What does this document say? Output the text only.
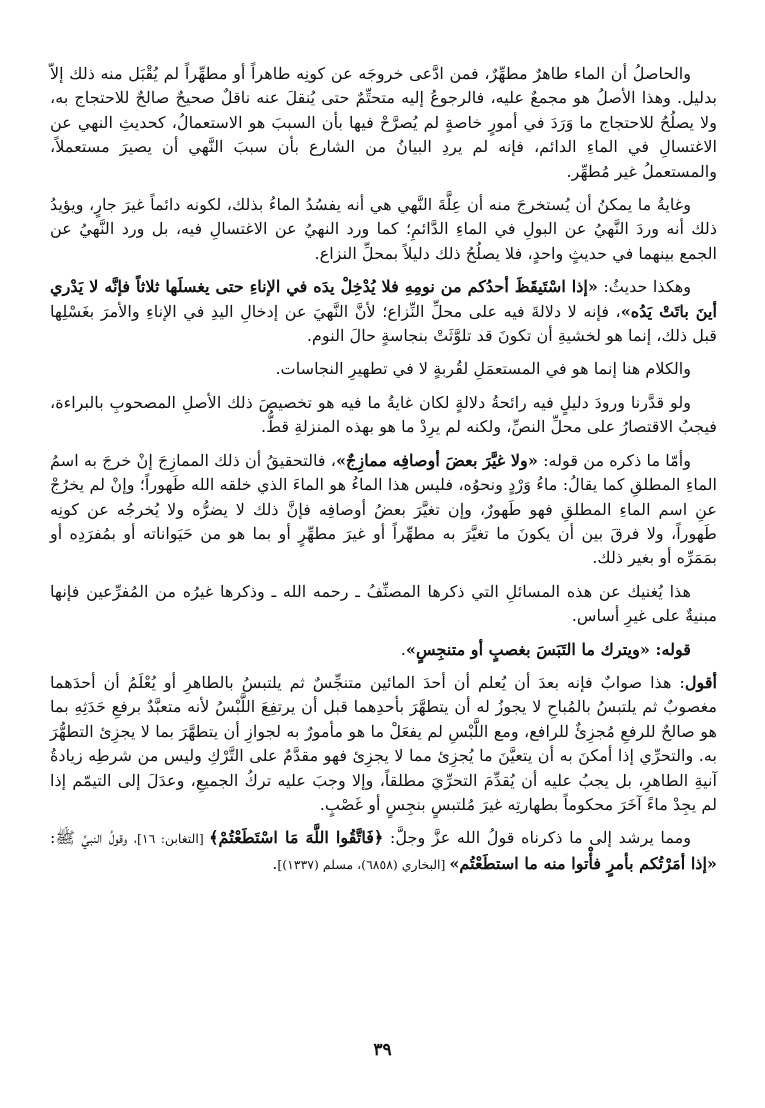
والحاصلُ أن الماء طاهرٌ مطهِّرٌ، فمن ادَّعى خروجَه عن كونِه طاهراً أو مطهِّراً لم يُقْبَل منه ذلك إلاّ بدليل. وهذا الأصلُ هو مجمعٌ عليه، فالرجوعُ إليه متحتِّمٌ حتى يُنقلَ عنه ناقلٌ صحيحٌ صالحٌ للاحتجاج به، ولا يصلُحُ للاحتجاج ما وَرَدَ في أمورٍ خاصةٍ لم يُصرَّحْ فيها بأن السببَ هو الاستعمالُ، كحديثِ النهي عن الاغتسالِ في الماءِ الدائم، فإنه لم يردِ البيانُ من الشارع بأن سببَ النَّهي أن يصيرَ مستعملاً، والمستعملُ غير مُطهِّر.

وغايةُ ما يمكنُ أن يُستخرجَ منه أن عِلَّةَ النَّهي هي أنه يفسُدُ الماءُ بذلك، لكونه دائماً غيرَ جارٍ، ويؤيدُ ذلك أنه وردَ النَّهيُ عن البولِ في الماءِ الدَّائمِ؛ كما ورد النهيُ عن الاغتسالِ فيه، بل ورد النَّهيُ عن الجمع بينهما في حديثٍ واحدٍ، فلا يصلُحُ ذلك دليلاً بمحلِّ النزاع.

وهكذا حديثُ: «إذا اسْتَيقَظَ أحدُكم من نومِهِ فلا يُدْخِلْ يدَه في الإناءِ حتى يغسلَها ثلاثاً فإنَّه لا يَدْري أينَ باتَتْ يَدُه»، فإنه لا دلالةَ فيه على محلِّ النِّزاع؛ لأنَّ النَّهيَ عن إدخالِ اليدِ في الإناءِ والأمرَ بغَسْلِها قبل ذلك، إنما هو لخشيةِ أن تكونَ قد تلوَّثَتْ بنجاسةٍ حالَ النوم.

والكلام هنا إنما هو في المستعمَلِ لقُربةٍ لا في تطهيرِ النجاسات.

ولو قدَّرنا ورودَ دليلٍ فيه رائحةُ دلالةٍ لكان غايةُ ما فيه هو تخصيصَ ذلك الأصلِ المصحوبِ بالبراءة، فيجبُ الاقتصارُ على محلِّ النصِّ، ولكنه لم يرِدْ ما هو بهذه المنزلةِ قطُّ.

وأمّا ما ذكره من قوله: «ولا غيَّرَ بعضَ أوصافِه ممازِجٌ»، فالتحقيقُ أن ذلك الممازِجَ إنْ خرجَ به اسمُ الماءِ المطلقِ كما يقالُ: ماءُ وَرْدٍ ونحوُه، فليس هذا الماءُ هو الماءَ الذي خلقه الله طَهوراً؛ وإنْ لم يخرُجْ عنِ اسم الماءِ المطلقِ فهو طَهورٌ، وإن تغيَّرَ بعضُ أوصافِه فإنَّ ذلك لا يضرُّه ولا يُخرجُه عن كونِه طَهوراً، ولا فرقَ بين أن يكونَ ما تغيَّرَ به مطهِّراً أو غيرَ مطهِّرٍ أو بما هو من حَيَواناته أو بمُفرَدِه أو بمَمَرِّه أو بغير ذلك.

هذا يُغنيك عن هذه المسائلِ التي ذكرها المصنِّفُ ـ رحمه الله ـ وذكرها غيرُه من المُفرِّعين فإنها مبنيةٌ على غيرِ أساس.

قوله: «ويترك ما التَبَسَ بغصبٍ أو متنجِسٍ».

أقول: هذا صوابٌ فإنه بعدَ أن يُعلم أن أحدَ المائين متنجِّسٌ ثم يلتبسُ بالطاهرِ أو يُعْلَمُ أن أحدَهما مغصوبٌ ثم يلتبسُ بالمُباحِ لا يجوزُ له أن يتطهَّرَ بأحدِهما قبل أن يرتفِعَ اللَّبْسُ لأنه متعبَّدٌ برفعِ حَدَثِهِ بما هو صالحٌ للرفعِ مُجزِئٌ للرافع، ومع اللَّبْسِ لم يفعَلْ ما هو مأمورٌ به لجوازِ أن يتطهَّرَ بما لا يجزِئ التطهُّرَ به. والتحرِّي إذا أمكنَ به أن يتعيَّنَ ما يُجزِئ مما لا يجزِئ فهو مقدَّمٌ على التَّرْكِ وليس من شرطِه زيادةُ آنيةِ الطاهرِ، بل يجبُ عليه أن يُقدِّمَ التحرِّيَ مطلقاً، وإلا وجبَ عليه تركُ الجميعِ، وعدَلَ إلى التيمّم إذا لم يجِدْ ماءً آخَرَ محكوماً بطهارتِه غيرَ مُلتبسٍ بنجِسٍ أو غَصْبٍ.

ومما يرشد إلى ما ذكرناه قولُ الله عزَّ وجلَّ: ﴿فَاتَّقُوا اللَّهَ مَا اسْتَطَعْتُمْ﴾ [التغابن: ١٦]، وقولُ النبيِّ ﷺ: «إذا أمَرْتُكم بأمرٍ فأْتوا منه ما استطَعْتُم» [البخاري (٦٨٥٨)، مسلم (١٣٣٧)].

٣٩
